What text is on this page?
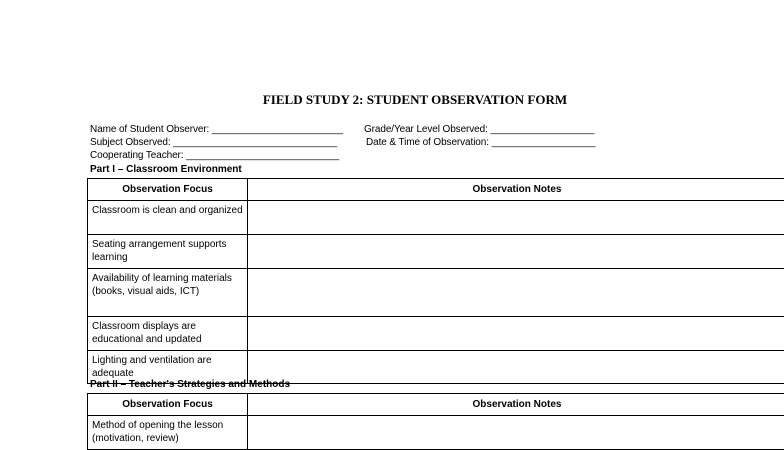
FIELD STUDY 2: STUDENT OBSERVATION FORM
Name of Student Observer: ________________________ Grade/Year Level Observed: ___________________
Subject Observed: ______________________________	Date & Time of Observation: ___________________
Cooperating Teacher: ____________________________
Part I – Classroom Environment
Observation Focus	Observation Notes
Classroom is clean and organized	
Seating arrangement supports learning	
Availability of learning materials (books, visual aids, ICT)	
Classroom displays are educational and updated	
Lighting and ventilation are adequate	
Part II – Teacher's Strategies and Methods
Observation Focus	Observation Notes
Method of opening the lesson (motivation, review)	
